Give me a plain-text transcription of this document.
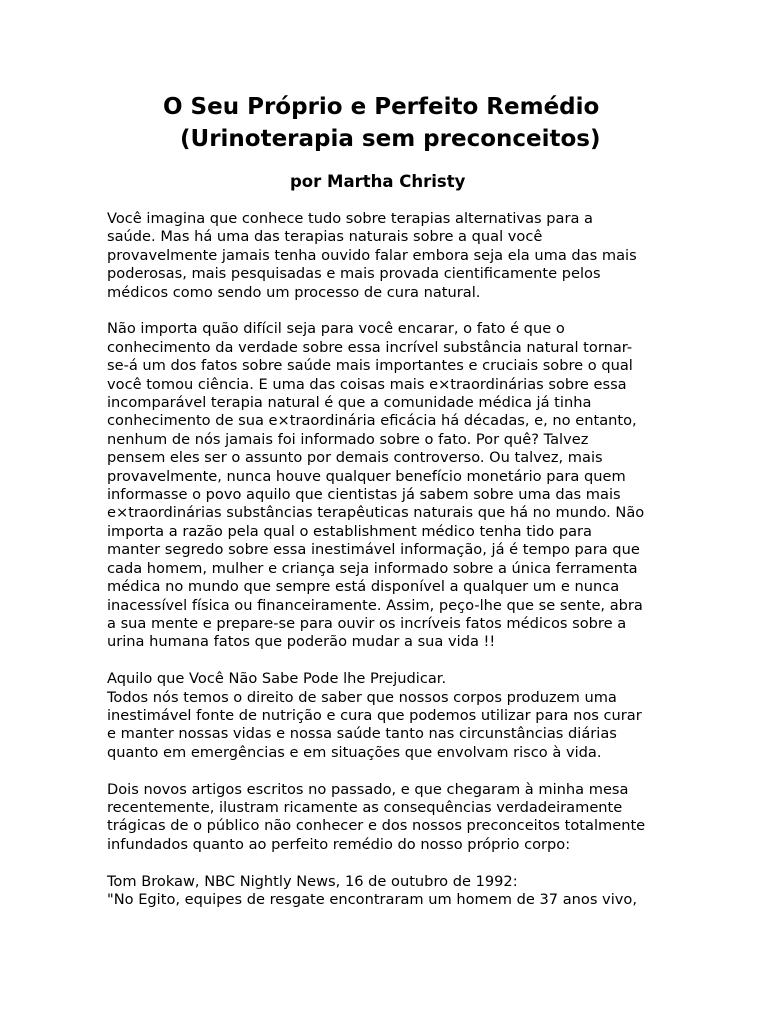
O Seu Próprio e Perfeito Remédio
(Urinoterapia sem preconceitos)
por Martha Christy
Você imagina que conhece tudo sobre terapias alternativas para a
saúde. Mas há uma das terapias naturais sobre a qual você
provavelmente jamais tenha ouvido falar embora seja ela uma das mais
poderosas, mais pesquisadas e mais provada cientificamente pelos
médicos como sendo um processo de cura natural.
Não importa quão difícil seja para você encarar, o fato é que o
conhecimento da verdade sobre essa incrível substância natural tornar-
se-á um dos fatos sobre saúde mais importantes e cruciais sobre o qual
você tomou ciência. E uma das coisas mais e×traordinárias sobre essa
incomparável terapia natural é que a comunidade médica já tinha
conhecimento de sua e×traordinária eficácia há décadas, e, no entanto,
nenhum de nós jamais foi informado sobre o fato. Por quê? Talvez
pensem eles ser o assunto por demais controverso. Ou talvez, mais
provavelmente, nunca houve qualquer benefício monetário para quem
informasse o povo aquilo que cientistas já sabem sobre uma das mais
e×traordinárias substâncias terapêuticas naturais que há no mundo. Não
importa a razão pela qual o establishment médico tenha tido para
manter segredo sobre essa inestimável informação, já é tempo para que
cada homem, mulher e criança seja informado sobre a única ferramenta
médica no mundo que sempre está disponível a qualquer um e nunca
inacessível física ou financeiramente. Assim, peço-lhe que se sente, abra
a sua mente e prepare-se para ouvir os incríveis fatos médicos sobre a
urina humana fatos que poderão mudar a sua vida !!
Aquilo que Você Não Sabe Pode lhe Prejudicar.
Todos nós temos o direito de saber que nossos corpos produzem uma
inestimável fonte de nutrição e cura que podemos utilizar para nos curar
e manter nossas vidas e nossa saúde tanto nas circunstâncias diárias
quanto em emergências e em situações que envolvam risco à vida.
Dois novos artigos escritos no passado, e que chegaram à minha mesa
recentemente, ilustram ricamente as consequências verdadeiramente
trágicas de o público não conhecer e dos nossos preconceitos totalmente
infundados quanto ao perfeito remédio do nosso próprio corpo:
Tom Brokaw, NBC Nightly News, 16 de outubro de 1992:
"No Egito, equipes de resgate encontraram um homem de 37 anos vivo,
